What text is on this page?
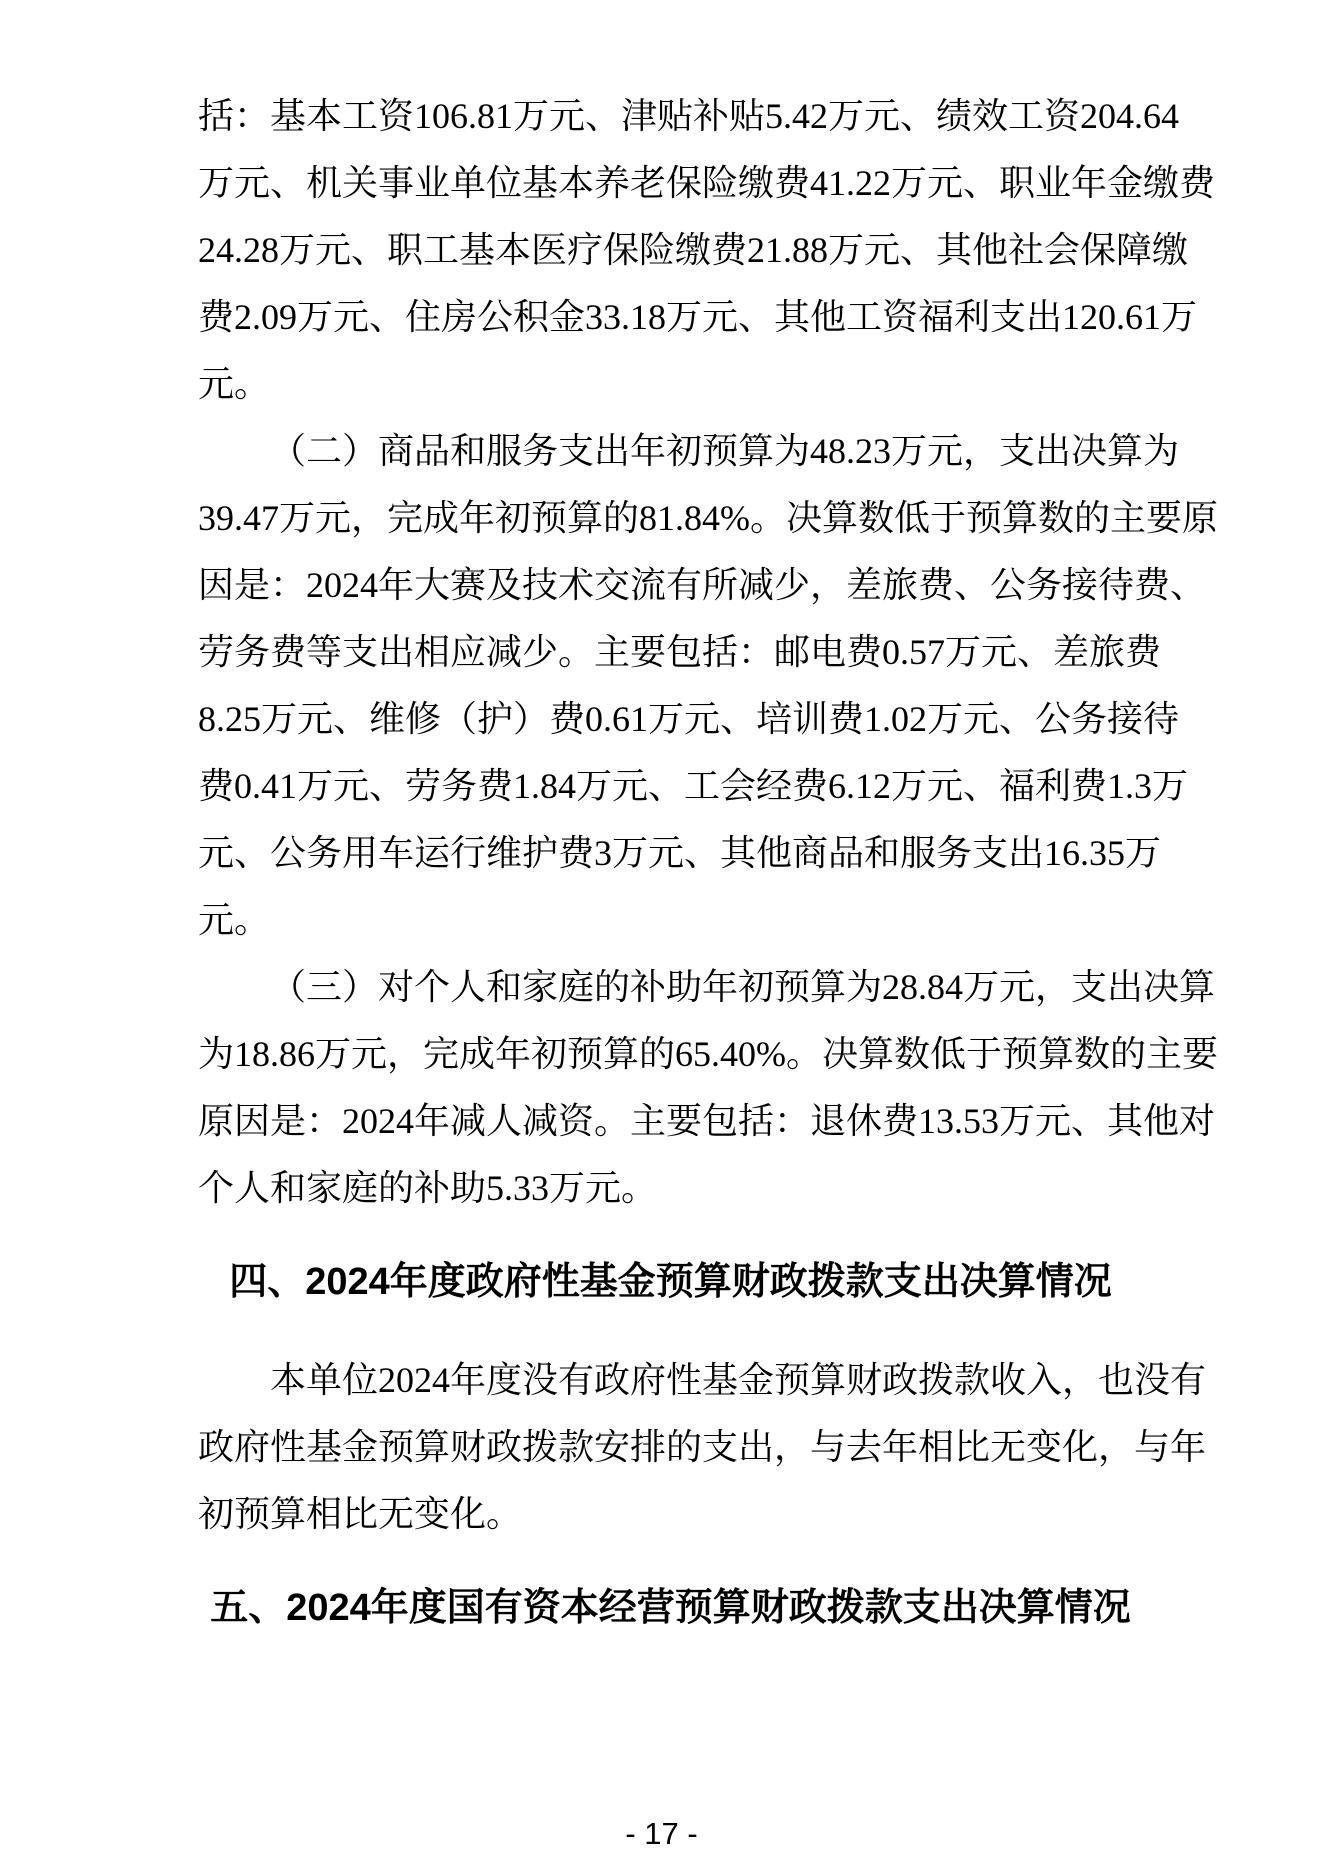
括：基本工资106.81万元、津贴补贴5.42万元、绩效工资204.64
万元、机关事业单位基本养老保险缴费41.22万元、职业年金缴费
24.28万元、职工基本医疗保险缴费21.88万元、其他社会保障缴
费2.09万元、住房公积金33.18万元、其他工资福利支出120.61万
元。
（二）商品和服务支出年初预算为48.23万元，支出决算为
39.47万元，完成年初预算的81.84%。决算数低于预算数的主要原
因是：2024年大赛及技术交流有所减少，差旅费、公务接待费、
劳务费等支出相应减少。主要包括：邮电费0.57万元、差旅费
8.25万元、维修（护）费0.61万元、培训费1.02万元、公务接待
费0.41万元、劳务费1.84万元、工会经费6.12万元、福利费1.3万
元、公务用车运行维护费3万元、其他商品和服务支出16.35万
元。
（三）对个人和家庭的补助年初预算为28.84万元，支出决算
为18.86万元，完成年初预算的65.40%。决算数低于预算数的主要
原因是：2024年减人减资。主要包括：退休费13.53万元、其他对
个人和家庭的补助5.33万元。
四、2024年度政府性基金预算财政拨款支出决算情况
本单位2024年度没有政府性基金预算财政拨款收入，也没有
政府性基金预算财政拨款安排的支出，与去年相比无变化，与年
初预算相比无变化。
五、2024年度国有资本经营预算财政拨款支出决算情况
- 17 -
